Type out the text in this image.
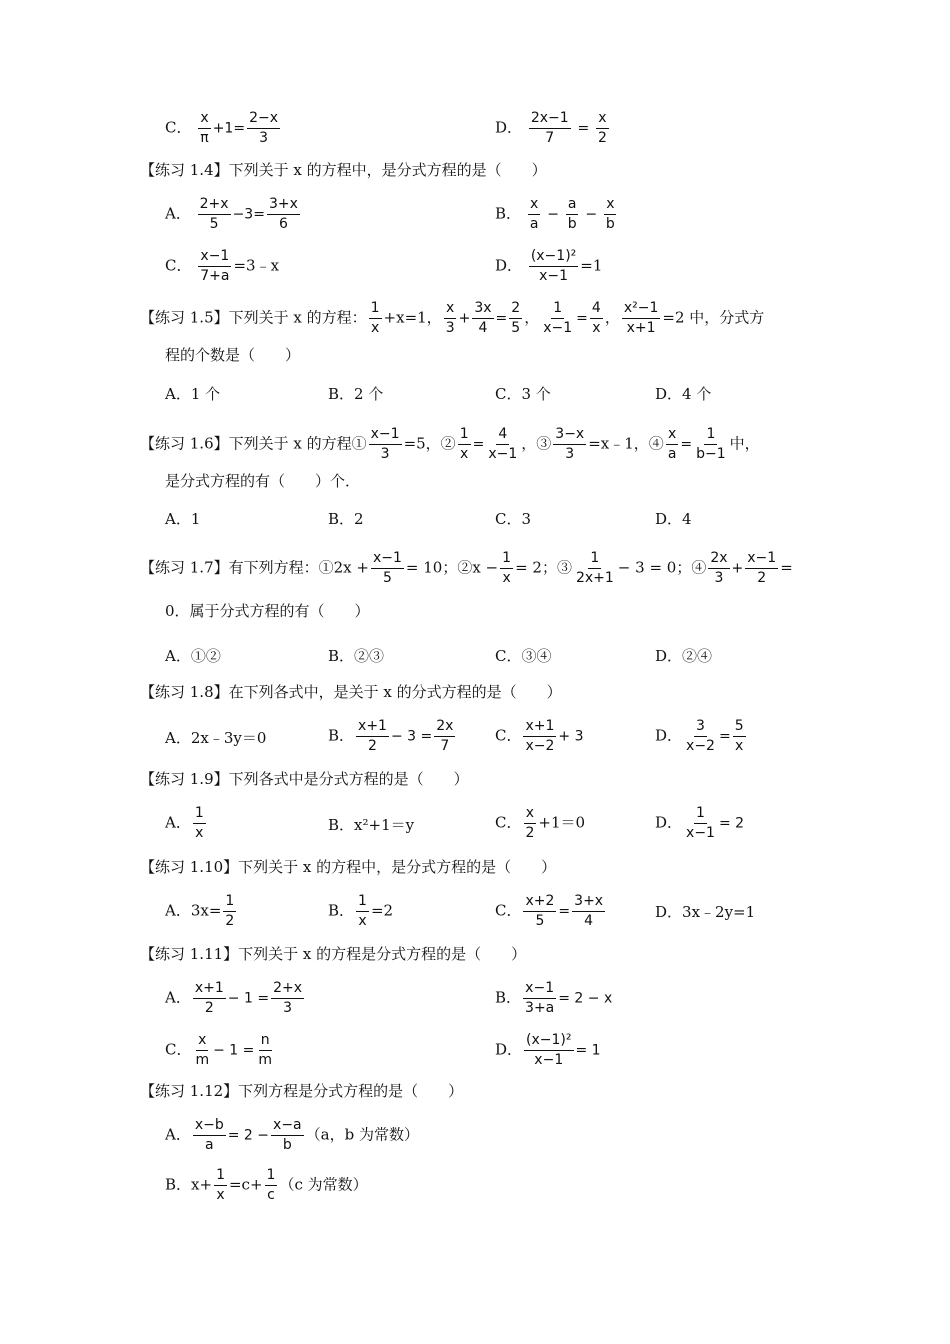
C． $\frac{x}{\pi} +1= \frac{2-x}{3}$	D． $\frac{2x-1}{7} = \frac{x}{2}$
【练习 1.4】下列关于 x 的方程中，是分式方程的是（　　）
A． $\frac{2+x}{5} -3= \frac{3+x}{6}$	B． $\frac{x}{a} - \frac{a}{b} - \frac{x}{b}$
C． $\frac{x-1}{7+a}$ =3﹣x	D． $\frac{\text{(x−1)²}}{x-1} =1$
【练习 1.5】下列关于 x 的方程： $\frac{1}{x} +x=1$， $\frac{x}{3} + \frac{3x}{4} = \frac{2}{5}$ ， $\frac{1}{x-1} = \frac{4}{x}$ ， $\frac{\text{x²−1}}{x+1} =2$ 中，分式方
程的个数是（　　）
A．1 个	B．2 个	C．3 个	D．4 个
【练习 1.6】下列关于 x 的方程① $\frac{x-1}{3} =5$，② $\frac{1}{x} = \frac{4}{x-1}$ ，③ $\frac{3-x}{3}$ =x﹣1，④ $\frac{x}{a} = \frac{1}{b-1}$ 中，
是分式方程的有（　　）个．
A．1	B．2	C．3	D．4
【练习 1.7】有下列方程：①2x + $\frac{x-1}{5} = 10$；②x − $\frac{1}{x} = 2$；③ $\frac{1}{2x+1} - 3 = 0$；④ $\frac{2x}{3} + \frac{x-1}{2}$ =
0．属于分式方程的有（　　）
A．①②	B．②③	C．③④	D．②④
【练习 1.8】在下列各式中，是关于 x 的分式方程的是（　　）
A．2x﹣3y＝0	B． $\frac{x+1}{2} - 3 = \frac{2x}{7}$	C． $\frac{x+1}{x-2} + 3$	D． $\frac{3}{x-2} = \frac{5}{x}$
【练习 1.9】下列各式中是分式方程的是（　　）
A． $\frac{1}{x}$	B．x²+1＝y	C． $\frac{x}{2} +1=0$	D． $\frac{1}{x-1} = 2$
【练习 1.10】下列关于 x 的方程中，是分式方程的是（　　）
A．$3x= \frac{1}{2}$	B． $\frac{1}{x} =2$	C． $\frac{x+2}{5} = \frac{3+x}{4}$	D．3x﹣2y=1
【练习 1.11】下列关于 x 的方程是分式方程的是（　　）
A． $\frac{x+1}{2} - 1 = \frac{2+x}{3}$	B． $\frac{x-1}{3+a} = 2 - x$
C． $\frac{x}{m} - 1 = \frac{n}{m}$	D． $\frac{\text{(x−1)²}}{x-1} = 1$
【练习 1.12】下列方程是分式方程的是（　　）
A． $\frac{x-b}{a} = 2 - \frac{x-a}{b} (a$，b 为常数）
B．$x+ \frac{1}{x} =c+ \frac{1}{c} (c$ 为常数）
